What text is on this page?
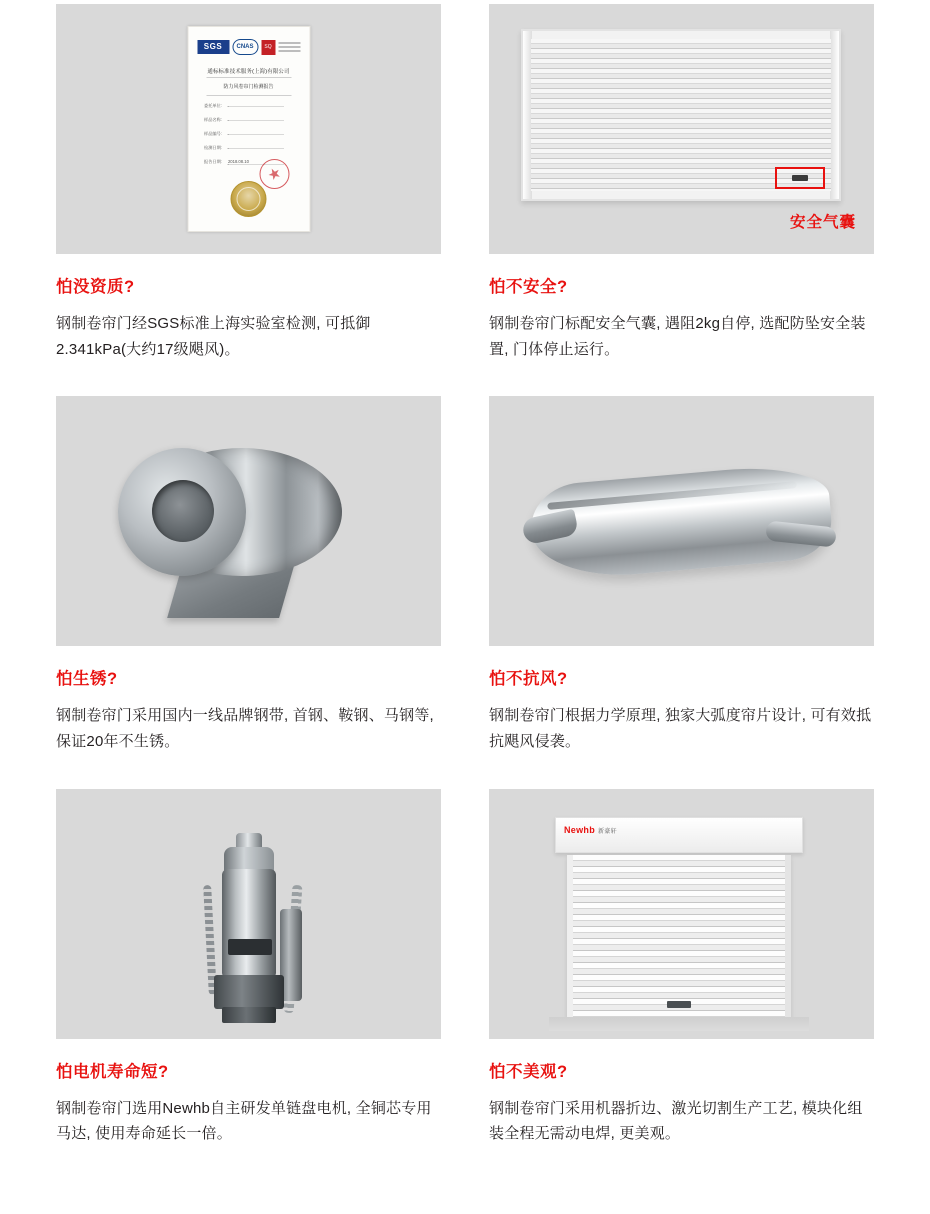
SGS	CNAS	SQ
通标标准技术服务(上海)有限公司
防力风卷帘门检测报告
委托单位：
样品名称：
样品编号：
检测日期：
报告日期： 2018.08.10
怕没资质?

钢制卷帘门经SGS标准上海实验室检测, 可抵御2.341kPa(大约17级飓风)。

安全气囊
怕不安全?

钢制卷帘门标配安全气囊, 遇阻2kg自停, 选配防坠安全装置, 门体停止运行。

怕生锈?

钢制卷帘门采用国内一线品牌钢带, 首钢、鞍钢、马钢等, 保证20年不生锈。

怕不抗风?

钢制卷帘门根据力学原理, 独家大弧度帘片设计, 可有效抵抗飓风侵袭。

怕电机寿命短?

钢制卷帘门选用Newhb自主研发单链盘电机, 全铜芯专用马达, 使用寿命延长一倍。

Newhb 新豪轩
怕不美观?

钢制卷帘门采用机器折边、激光切割生产工艺, 模块化组装全程无需动电焊, 更美观。
